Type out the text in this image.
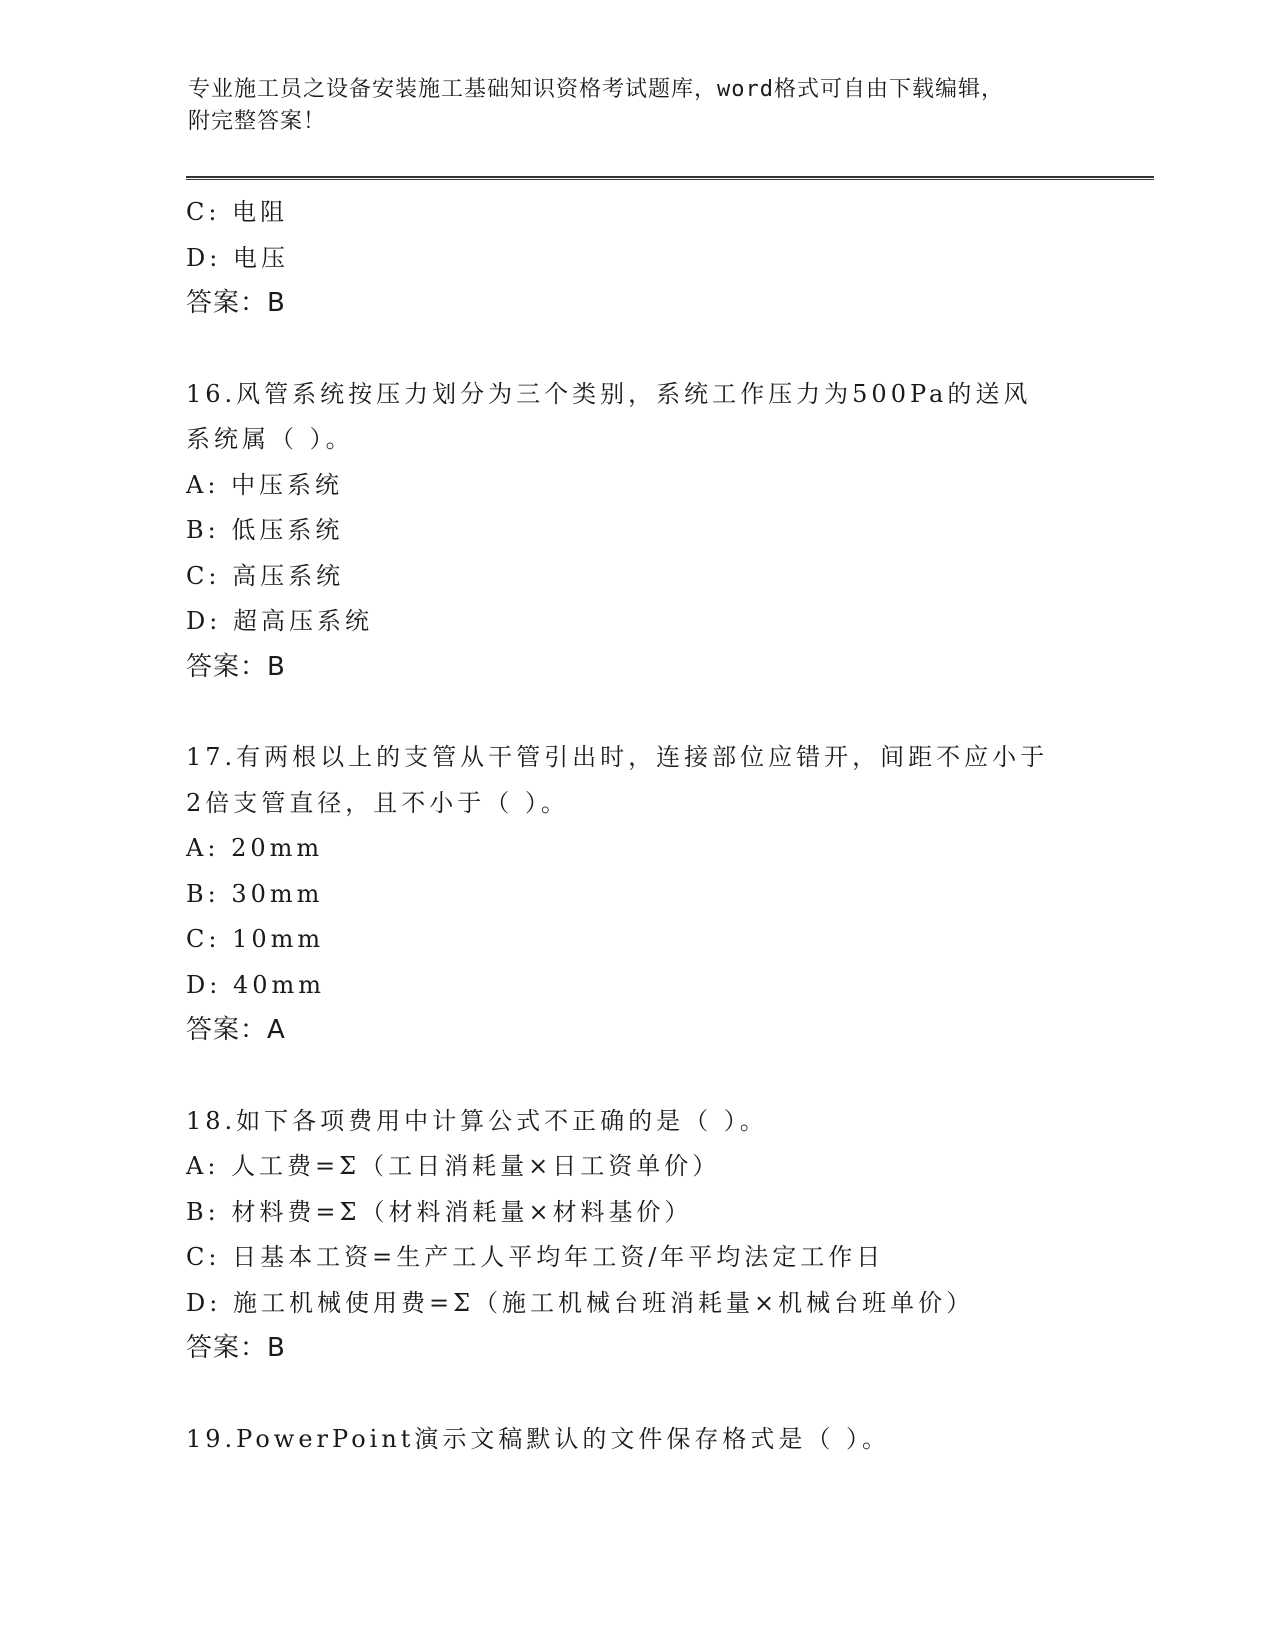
专业施工员之设备安装施工基础知识资格考试题库，word格式可自由下载编辑，
附完整答案！
C: 电阻
D: 电压
答案：B
16.风管系统按压力划分为三个类别，系统工作压力为500Pa的送风系统属（ ）。
A: 中压系统
B: 低压系统
C: 高压系统
D: 超高压系统
答案：B
17.有两根以上的支管从干管引出时，连接部位应错开，间距不应小于2倍支管直径，且不小于（ ）。
A: 20mm
B: 30mm
C: 10mm
D: 40mm
答案：A
18.如下各项费用中计算公式不正确的是（ ）。
A: 人工费=Σ（工日消耗量×日工资单价）
B: 材料费=Σ（材料消耗量×材料基价）
C: 日基本工资=生产工人平均年工资/年平均法定工作日
D: 施工机械使用费=Σ（施工机械台班消耗量×机械台班单价）
答案：B
19.PowerPoint演示文稿默认的文件保存格式是（ ）。
